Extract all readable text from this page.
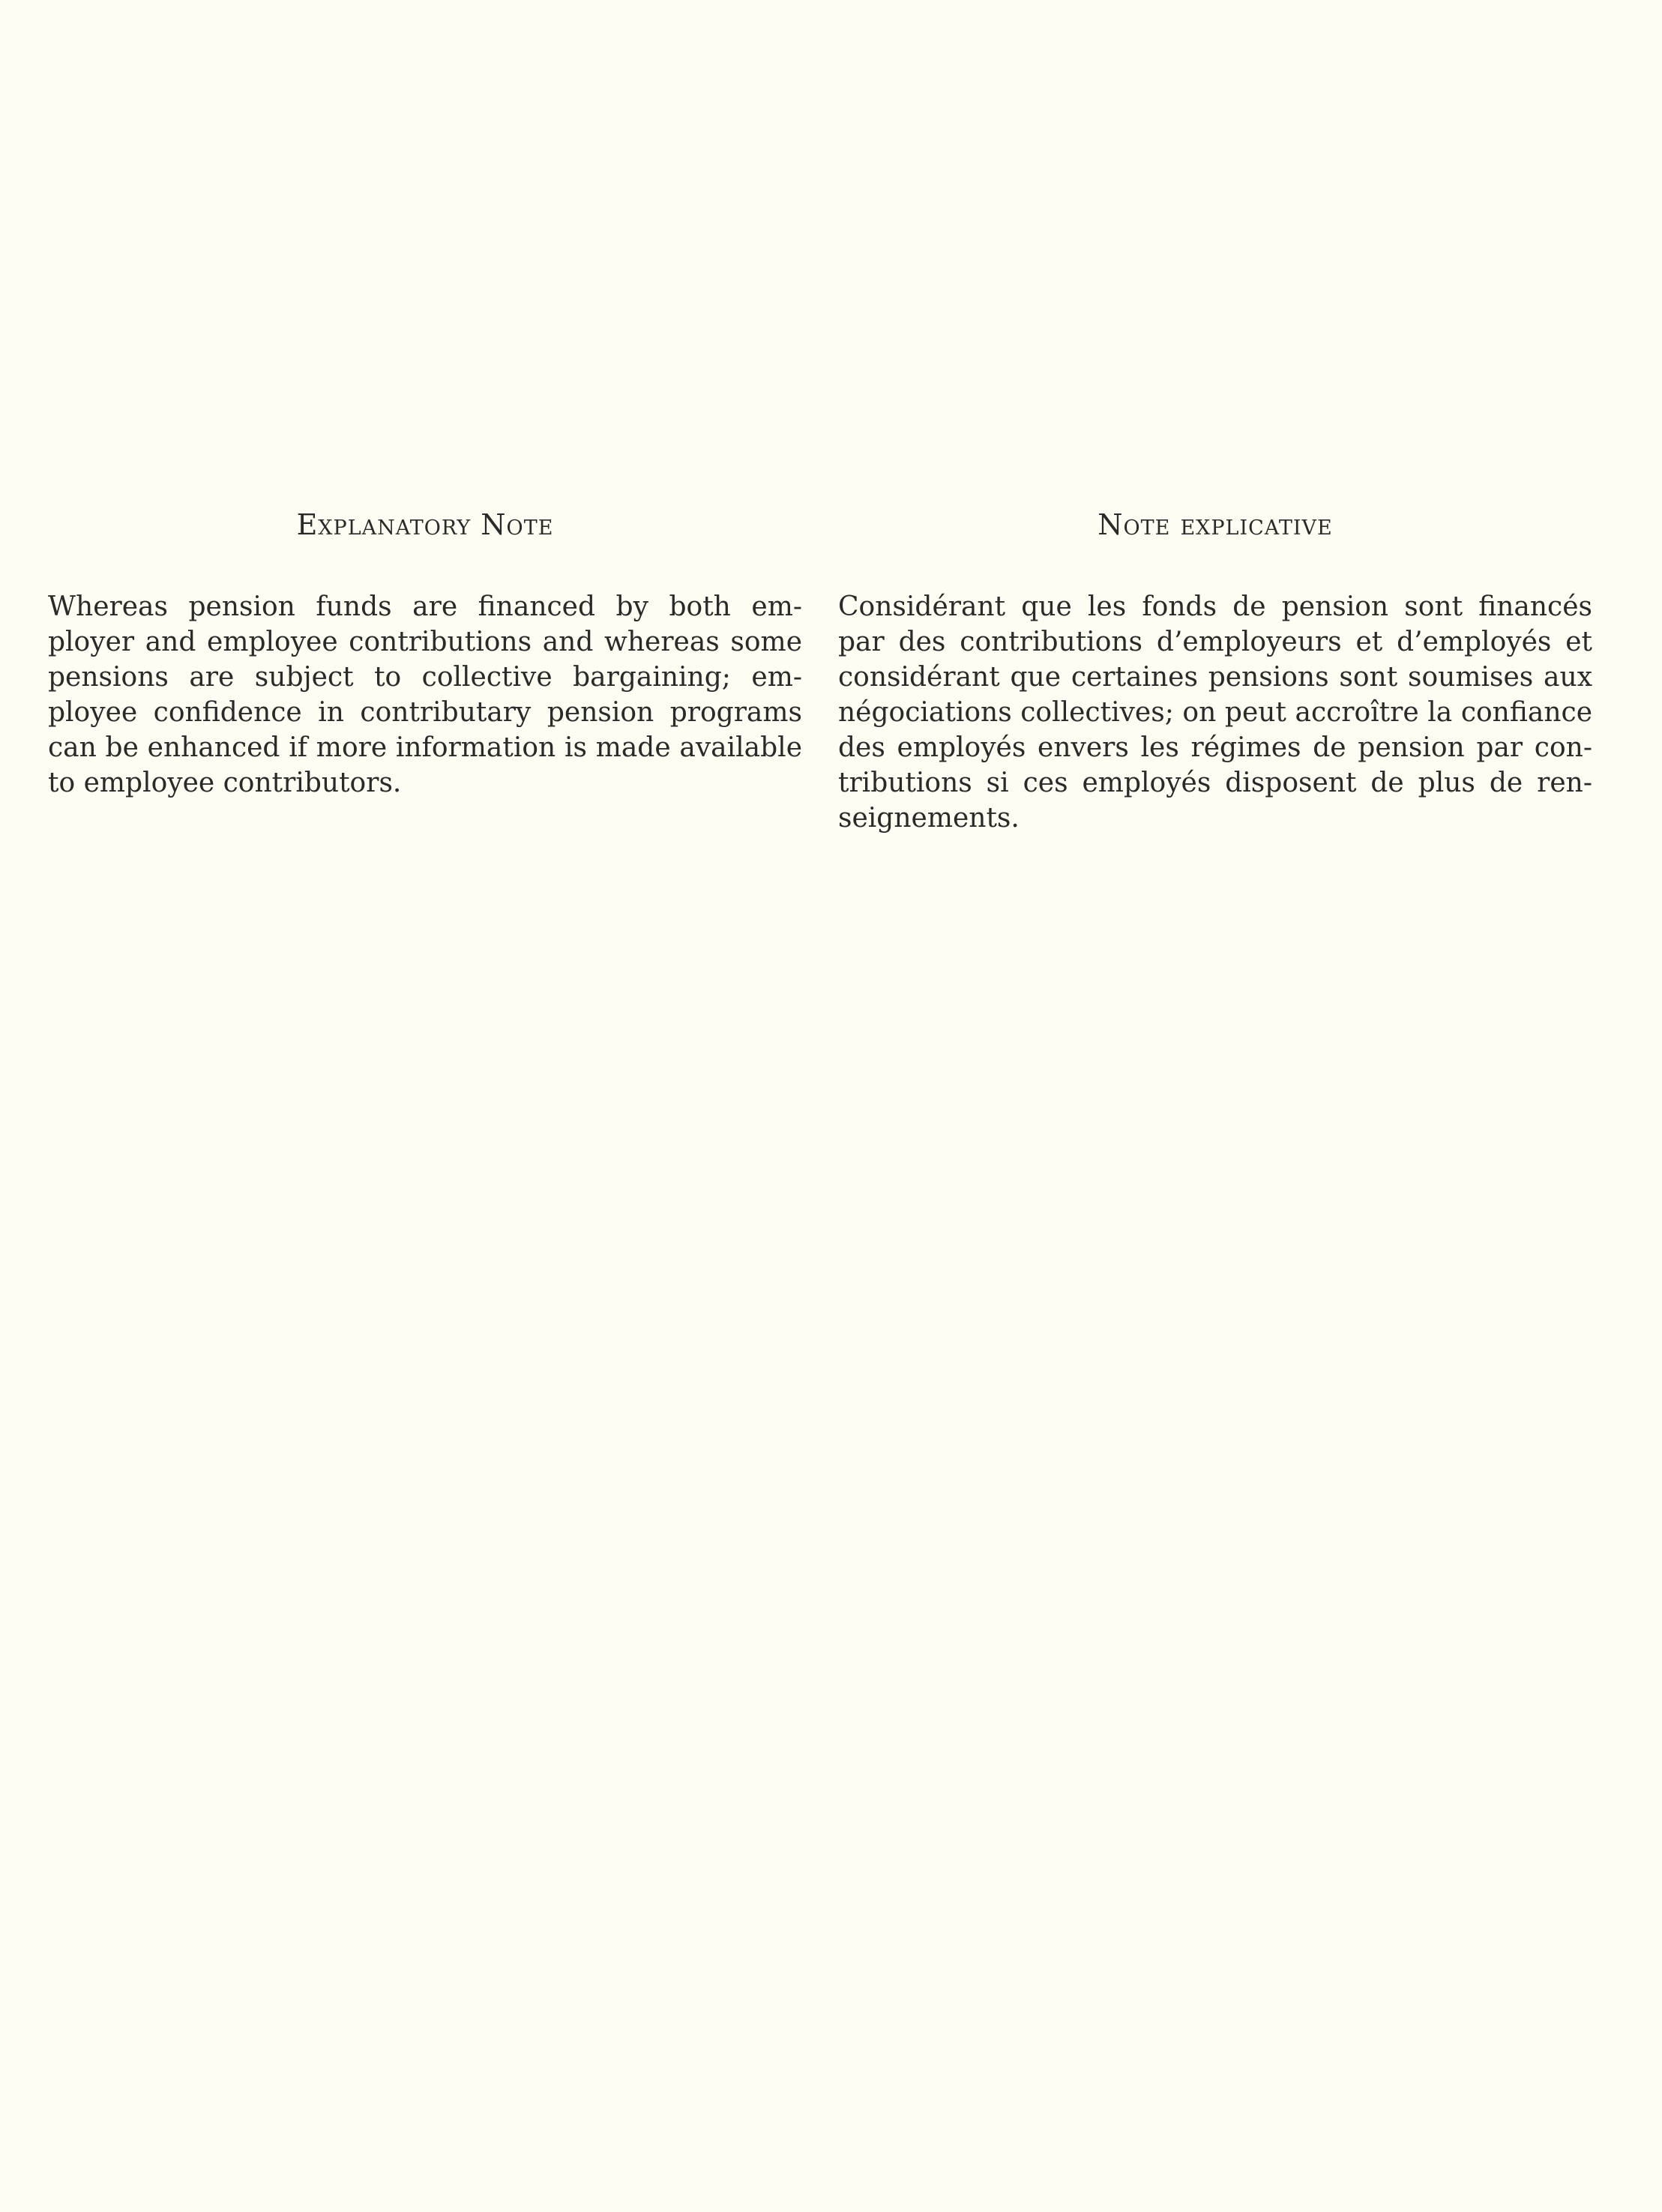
Explanatory Note

Whereas pension funds are financed by both em-
ployer and employee contributions and whereas some
pensions are subject to collective bargaining; em-
ployee confidence in contributary pension programs
can be enhanced if more information is made available
to employee contributors.

Note explicative

Considérant que les fonds de pension sont financés
par des contributions d’employeurs et d’employés et
considérant que certaines pensions sont soumises aux
négociations collectives; on peut accroître la confiance
des employés envers les régimes de pension par con-
tributions si ces employés disposent de plus de ren-
seignements.
